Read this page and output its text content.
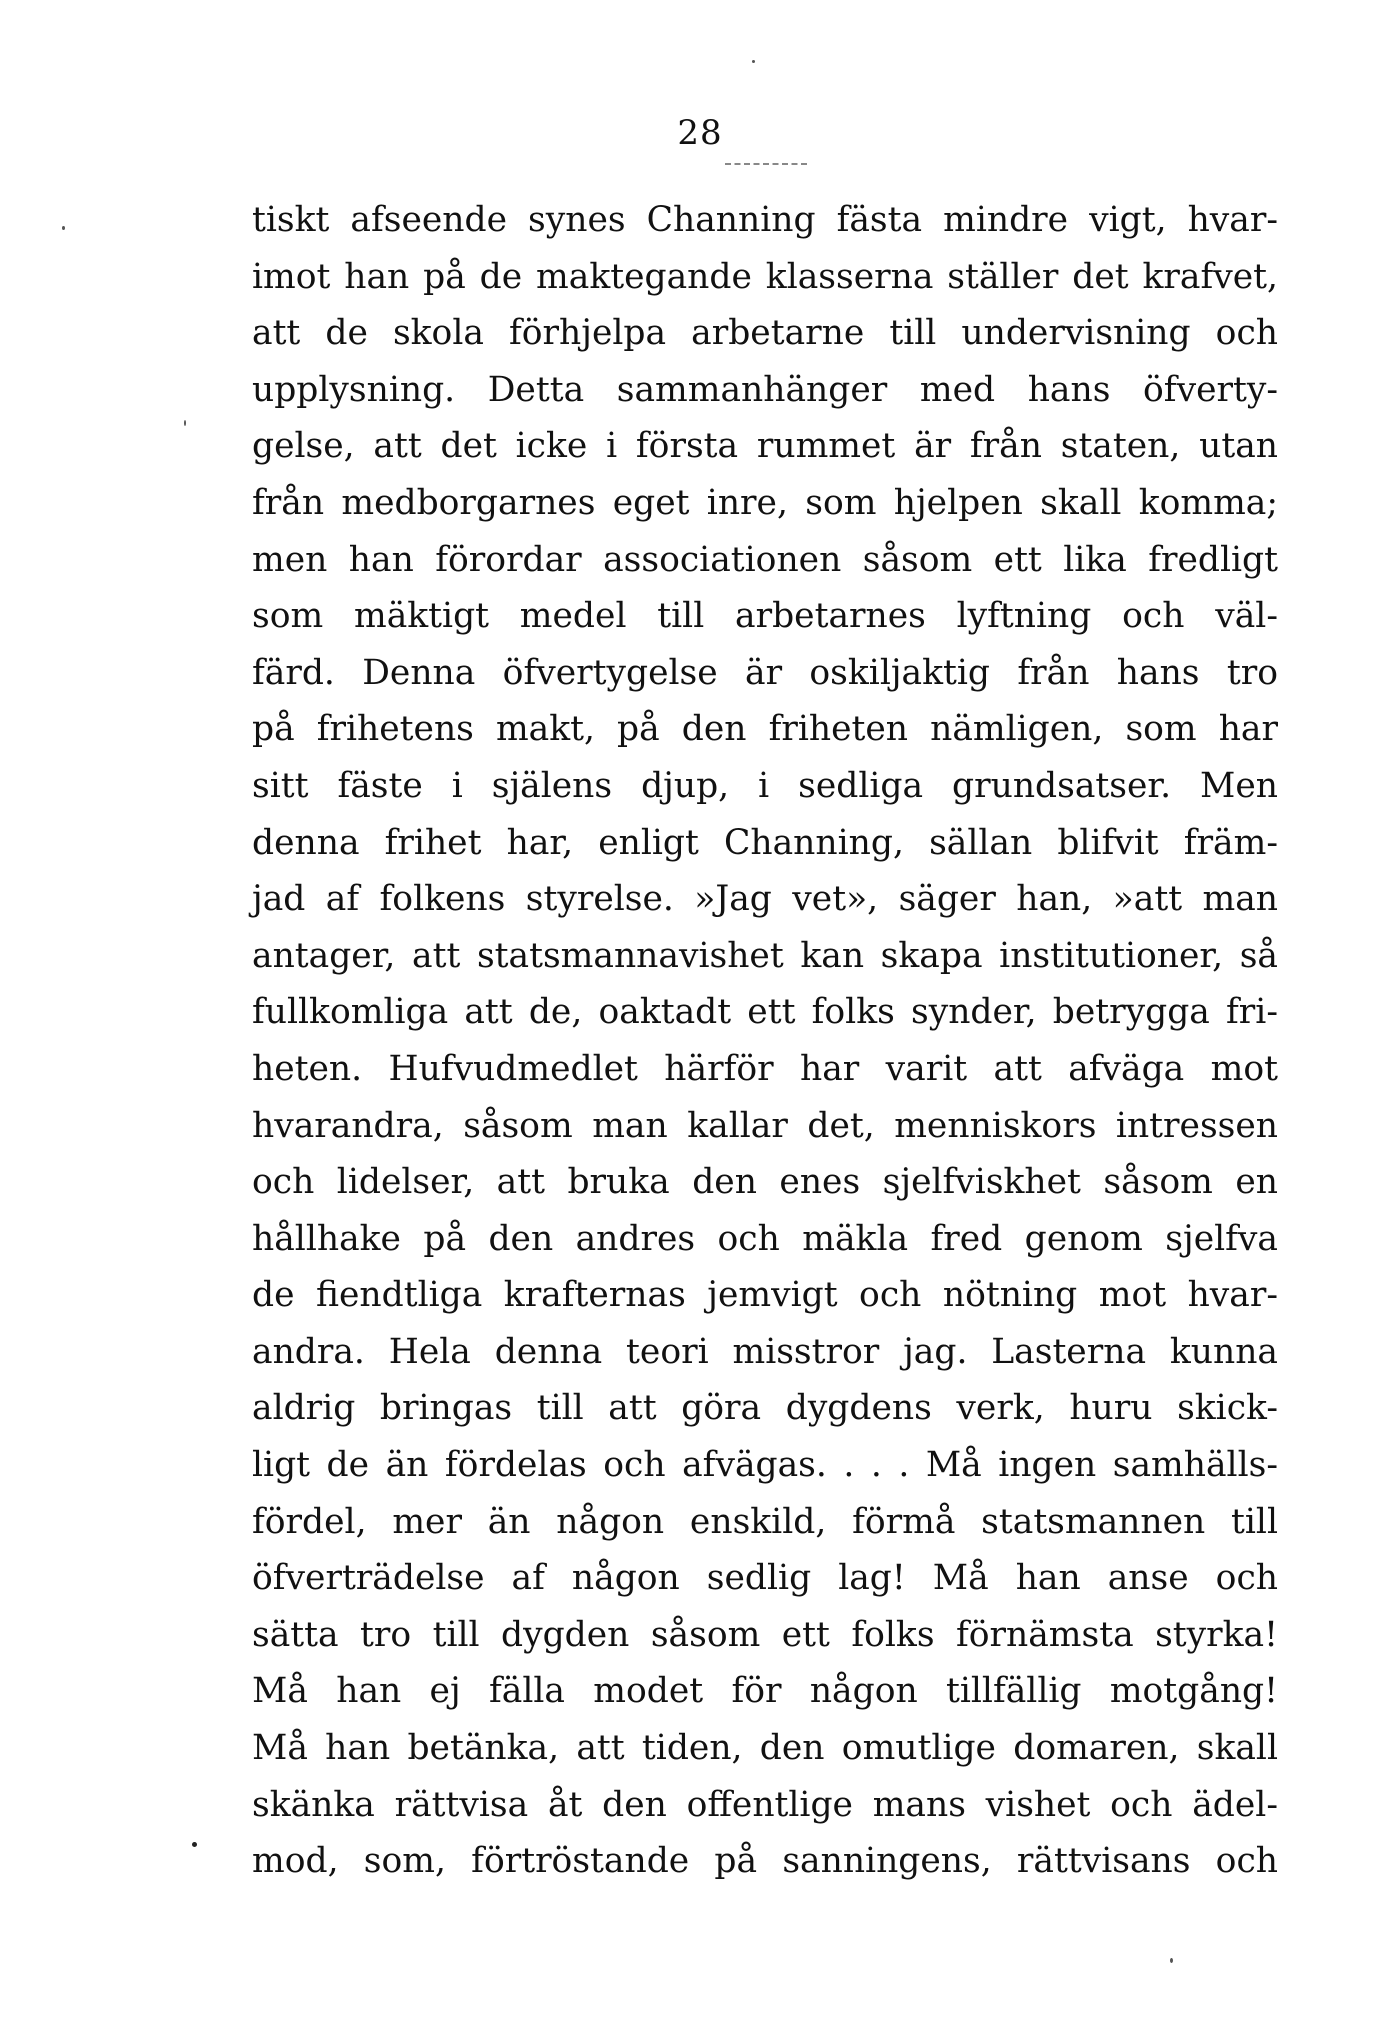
28
tiskt afseende synes Channing fästa mindre vigt, hvar-
imot han på de maktegande klasserna ställer det krafvet,
att de skola förhjelpa arbetarne till undervisning och
upplysning. Detta sammanhänger med hans öfverty-
gelse, att det icke i första rummet är från staten, utan
från medborgarnes eget inre, som hjelpen skall komma;
men han förordar associationen såsom ett lika fredligt
som mäktigt medel till arbetarnes lyftning och väl-
färd. Denna öfvertygelse är oskiljaktig från hans tro
på frihetens makt, på den friheten nämligen, som har
sitt fäste i själens djup, i sedliga grundsatser. Men
denna frihet har, enligt Channing, sällan blifvit främ-
jad af folkens styrelse. »Jag vet», säger han, »att man
antager, att statsmannavishet kan skapa institutioner, så
fullkomliga att de, oaktadt ett folks synder, betrygga fri-
heten. Hufvudmedlet härför har varit att afväga mot
hvarandra, såsom man kallar det, menniskors intressen
och lidelser, att bruka den enes sjelfviskhet såsom en
hållhake på den andres och mäkla fred genom sjelfva
de fiendtliga krafternas jemvigt och nötning mot hvar-
andra. Hela denna teori misstror jag. Lasterna kunna
aldrig bringas till att göra dygdens verk, huru skick-
ligt de än fördelas och afvägas. . . . Må ingen samhälls-
fördel, mer än någon enskild, förmå statsmannen till
öfverträdelse af någon sedlig lag! Må han anse och
sätta tro till dygden såsom ett folks förnämsta styrka!
Må han ej fälla modet för någon tillfällig motgång!
Må han betänka, att tiden, den omutlige domaren, skall
skänka rättvisa åt den offentlige mans vishet och ädel-
mod, som, förtröstande på sanningens, rättvisans och
